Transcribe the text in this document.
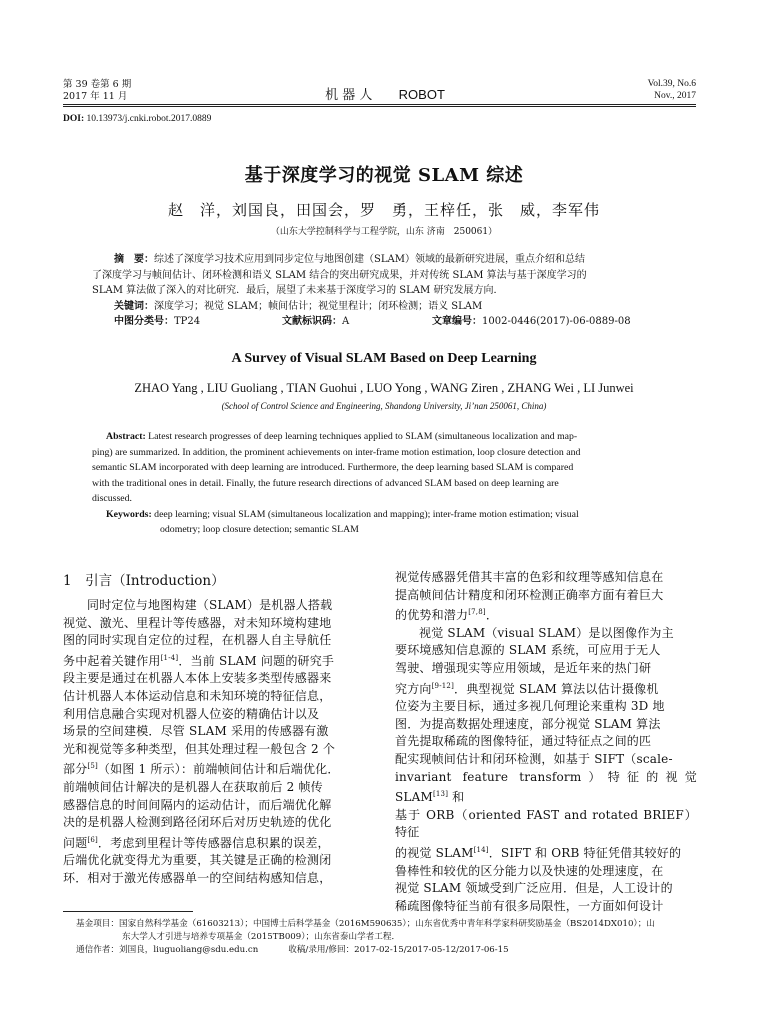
第 39 卷第 6 期
2017 年 11 月	机 器 人 ROBOT
Vol.39, No.6
Nov., 2017
DOI: 10.13973/j.cnki.robot.2017.0889
基于深度学习的视觉 SLAM 综述
赵　洋，刘国良，田国会，罗　勇，王梓任，张　威，李军伟
（山东大学控制科学与工程学院，山东 济南　250061）
摘　要：综述了深度学习技术应用到同步定位与地图创建（SLAM）领域的最新研究进展，重点介绍和总结
了深度学习与帧间估计、闭环检测和语义 SLAM 结合的突出研究成果，并对传统 SLAM 算法与基于深度学习的
SLAM 算法做了深入的对比研究．最后，展望了未来基于深度学习的 SLAM 研究发展方向．
关键词：深度学习；视觉 SLAM；帧间估计；视觉里程计；闭环检测；语义 SLAM
中图分类号：TP24	文献标识码：A	文章编号：1002-0446(2017)-06-0889-08
A Survey of Visual SLAM Based on Deep Learning
ZHAO Yang , LIU Guoliang , TIAN Guohui , LUO Yong , WANG Ziren , ZHANG Wei , LI Junwei
(School of Control Science and Engineering, Shandong University, Ji’nan 250061, China)
Abstract: Latest research progresses of deep learning techniques applied to SLAM (simultaneous localization and map-
ping) are summarized. In addition, the prominent achievements on inter-frame motion estimation, loop closure detection and
semantic SLAM incorporated with deep learning are introduced. Furthermore, the deep learning based SLAM is compared
with the traditional ones in detail. Finally, the future research directions of advanced SLAM based on deep learning are
discussed.
Keywords: deep learning; visual SLAM (simultaneous localization and mapping); inter-frame motion estimation; visual
odometry; loop closure detection; semantic SLAM
1　引言（Introduction）

同时定位与地图构建（SLAM）是机器人搭载

视觉、激光、里程计等传感器，对未知环境构建地

图的同时实现自定位的过程，在机器人自主导航任

务中起着关键作用[1-4]．当前 SLAM 问题的研究手

段主要是通过在机器人本体上安装多类型传感器来

估计机器人本体运动信息和未知环境的特征信息，

利用信息融合实现对机器人位姿的精确估计以及

场景的空间建模．尽管 SLAM 采用的传感器有激

光和视觉等多种类型，但其处理过程一般包含 2 个

部分[5]（如图 1 所示）：前端帧间估计和后端优化．

前端帧间估计解决的是机器人在获取前后 2 帧传

感器信息的时间间隔内的运动估计，而后端优化解

决的是机器人检测到路径闭环后对历史轨迹的优化

问题[6]．考虑到里程计等传感器信息积累的误差，

后端优化就变得尤为重要，其关键是正确的检测闭

环．相对于激光传感器单一的空间结构感知信息，

视觉传感器凭借其丰富的色彩和纹理等感知信息在

提高帧间估计精度和闭环检测正确率方面有着巨大

的优势和潜力[7,8]．

视觉 SLAM（visual SLAM）是以图像作为主

要环境感知信息源的 SLAM 系统，可应用于无人

驾驶、增强现实等应用领域，是近年来的热门研

究方向[9-12]．典型视觉 SLAM 算法以估计摄像机

位姿为主要目标，通过多视几何理论来重构 3D 地

图．为提高数据处理速度，部分视觉 SLAM 算法

首先提取稀疏的图像特征，通过特征点之间的匹

配实现帧间估计和闭环检测，如基于 SIFT（scale-

invariant feature transform）特征的视觉 SLAM[13] 和

基于 ORB（oriented FAST and rotated BRIEF）特征

的视觉 SLAM[14]．SIFT 和 ORB 特征凭借其较好的

鲁棒性和较优的区分能力以及快速的处理速度，在

视觉 SLAM 领域受到广泛应用．但是，人工设计的

稀疏图像特征当前有很多局限性，一方面如何设计

基金项目：国家自然科学基金（61603213）；中国博士后科学基金（2016M590635）；山东省优秀中青年科学家科研奖励基金（BS2014DX010）；山
东大学人才引进与培养专项基金（2015TB009）；山东省泰山学者工程．
通信作者：刘国良，liuguoliang@sdu.edu.cn	收稿/录用/修回：2017-02-15/2017-05-12/2017-06-15
